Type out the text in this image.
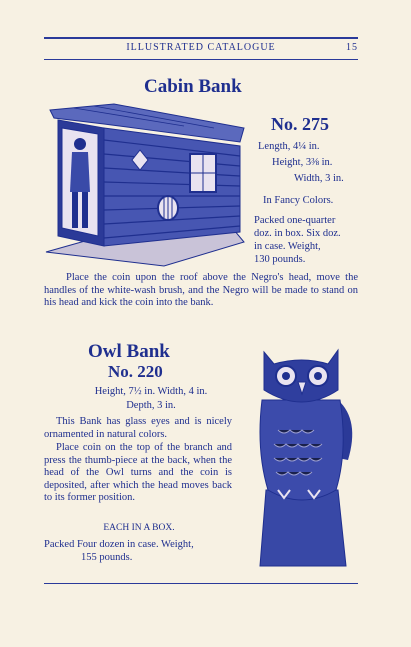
ILLUSTRATED CATALOGUE	15
Cabin Bank
No. 275
Length, 4¼ in.
Height, 3⅜ in.
Width, 3 in.
In Fancy Colors.
Packed one-quarter
doz. in box. Six doz.
in case. Weight,
130 pounds.
Place the coin upon the roof above the Negro's head, move the handles of the white-wash brush, and the Negro will be made to stand on his head and kick the coin into the bank.
Owl Bank
No. 220
Height, 7½ in. Width, 4 in.
Depth, 3 in.
This Bank has glass eyes and is nicely ornamented in natural colors.
Place coin on the top of the branch and press the thumb-piece at the back, when the head of the Owl turns and the coin is deposited, after which the head moves back to its former position.
EACH IN A BOX.
Packed Four dozen in case. Weight,
155 pounds.
